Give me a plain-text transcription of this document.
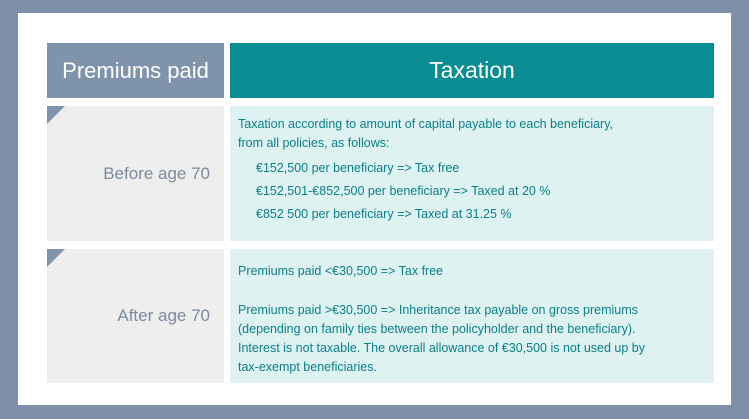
Premiums paid	Taxation
Before age 70
Taxation according to amount of capital payable to each beneficiary,
from all policies, as follows:
€152,500 per beneficiary => Tax free
€152,501-€852,500 per beneficiary => Taxed at 20 %
€852 500 per beneficiary => Taxed at 31.25 %
After age 70
Premiums paid <€30,500 => Tax free
Premiums paid >€30,500 => Inheritance tax payable on gross premiums
(depending on family ties between the policyholder and the beneficiary).
Interest is not taxable. The overall allowance of €30,500 is not used up by
tax-exempt beneficiaries.
